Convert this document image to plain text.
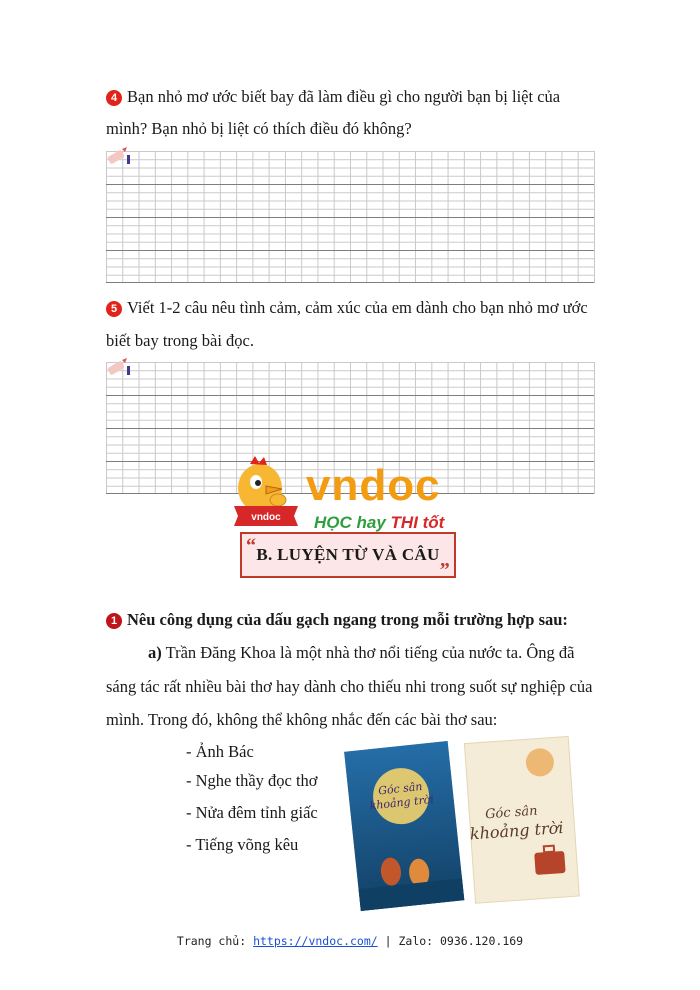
4 Bạn nhỏ mơ ước biết bay đã làm điều gì cho người bạn bị liệt của
mình? Bạn nhỏ bị liệt có thích điều đó không?
5 Viết 1-2 câu nêu tình cảm, cảm xúc của em dành cho bạn nhỏ mơ ước
biết bay trong bài đọc.
vndoc
vndoc
HỌC hay THI tốt
“ B. LUYỆN TỪ VÀ CÂU
”
1 Nêu công dụng của dấu gạch ngang trong mỗi trường hợp sau:
a) Trần Đăng Khoa là một nhà thơ nổi tiếng của nước ta. Ông đã
sáng tác rất nhiều bài thơ hay dành cho thiếu nhi trong suốt sự nghiệp của
mình. Trong đó, không thể không nhắc đến các bài thơ sau:
- Ảnh Bác
- Nghe thầy đọc thơ
- Nửa đêm tỉnh giấc
- Tiếng võng kêu
Góc sân
khoảng trời
Góc sân
khoảng trời
Trang chủ: https://vndoc.com/ | Zalo: 0936.120.169
